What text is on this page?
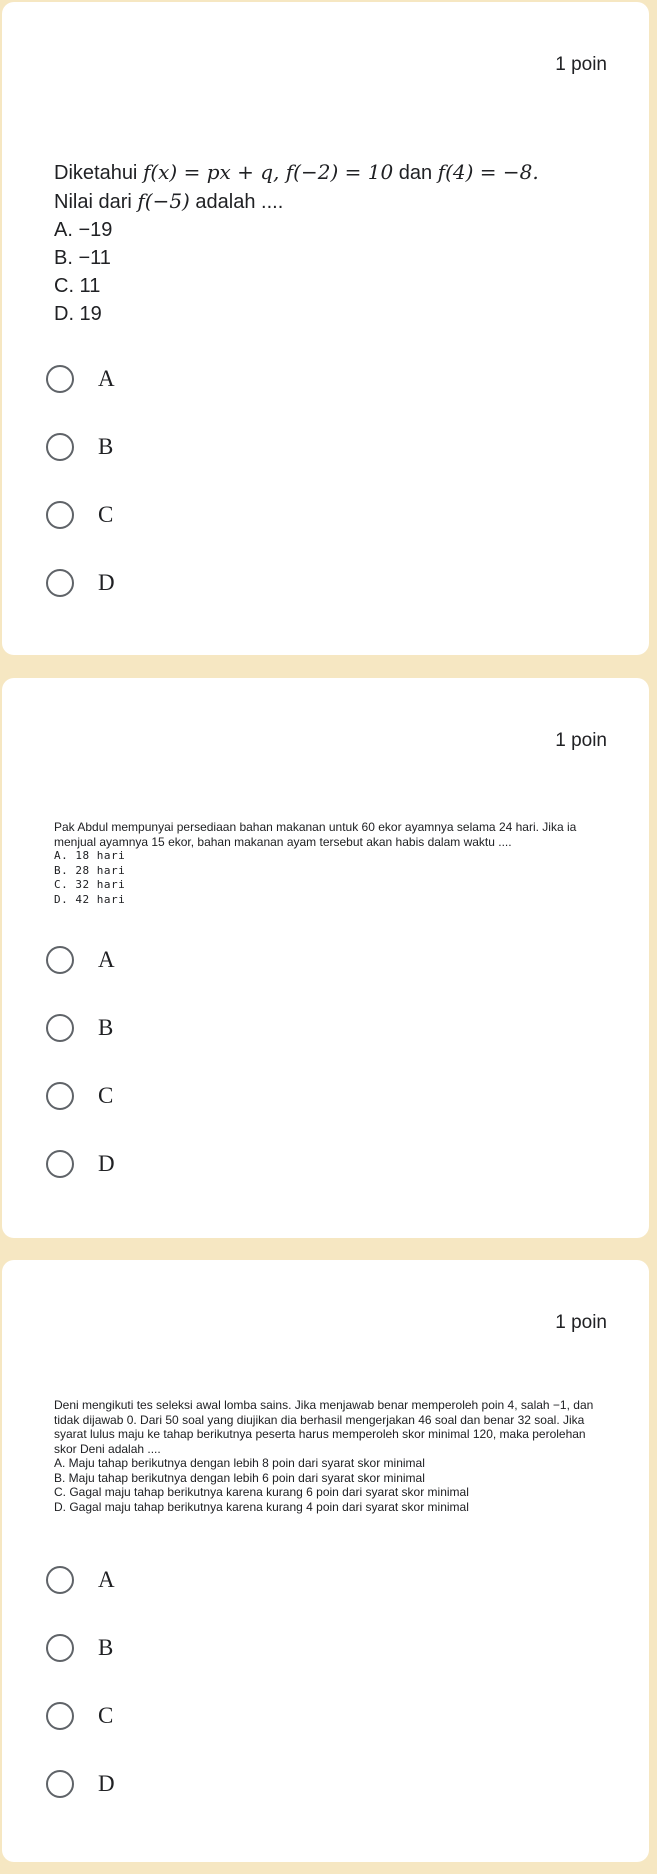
1 poin
Diketahui f(x) = px + q, f(−2) = 10 dan f(4) = −8.
Nilai dari f(−5) adalah ....
A. −19
B. −11
C. 11
D. 19
A
B
C
D
1 poin
Pak Abdul mempunyai persediaan bahan makanan untuk 60 ekor ayamnya selama 24 hari. Jika ia menjual ayamnya 15 ekor, bahan makanan ayam tersebut akan habis dalam waktu ....
A. 18 hari
B. 28 hari
C. 32 hari
D. 42 hari
A
B
C
D
1 poin
Deni mengikuti tes seleksi awal lomba sains. Jika menjawab benar memperoleh poin 4, salah −1, dan tidak dijawab 0. Dari 50 soal yang diujikan dia berhasil mengerjakan 46 soal dan benar 32 soal. Jika syarat lulus maju ke tahap berikutnya peserta harus memperoleh skor minimal 120, maka perolehan skor Deni adalah ....
A. Maju tahap berikutnya dengan lebih 8 poin dari syarat skor minimal
B. Maju tahap berikutnya dengan lebih 6 poin dari syarat skor minimal
C. Gagal maju tahap berikutnya karena kurang 6 poin dari syarat skor minimal
D. Gagal maju tahap berikutnya karena kurang 4 poin dari syarat skor minimal
A
B
C
D
